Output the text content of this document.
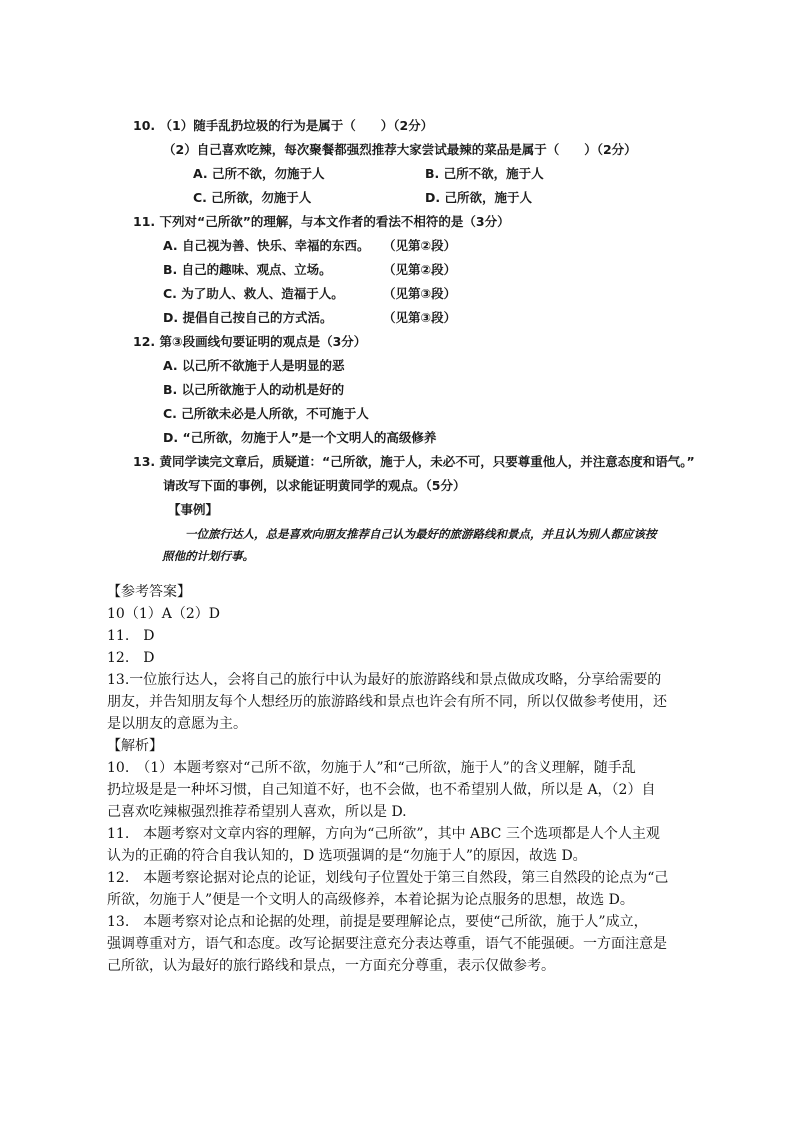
10. （1）随手乱扔垃圾的行为是属于（　　）（2分）
（2）自己喜欢吃辣，每次聚餐都强烈推荐大家尝试最辣的菜品是属于（　　）（2分）
A. 己所不欲，勿施于人	B. 己所不欲，施于人
C. 己所欲，勿施于人	D. 己所欲，施于人
11. 下列对“己所欲”的理解，与本文作者的看法不相符的是（3分）
A. 自己视为善、快乐、幸福的东西。 （见第②段）
B. 自己的趣味、观点、立场。	（见第②段）
C. 为了助人、救人、造福于人。	（见第③段）
D. 提倡自己按自己的方式活。	（见第③段）
12. 第③段画线句要证明的观点是（3分）
A. 以己所不欲施于人是明显的恶
B. 以己所欲施于人的动机是好的
C. 己所欲未必是人所欲，不可施于人
D. “己所欲，勿施于人”是一个文明人的高级修养
13. 黄同学读完文章后，质疑道：“己所欲，施于人，未必不可，只要尊重他人，并注意态度和语气。”
请改写下面的事例，以求能证明黄同学的观点。（5分）
【事例】
一位旅行达人，总是喜欢向朋友推荐自己认为最好的旅游路线和景点，并且认为别人都应该按
照他的计划行事。
【参考答案】
10（1）A（2）D
11.　D
12.　D
13.一位旅行达人，会将自己的旅行中认为最好的旅游路线和景点做成攻略，分享给需要的
朋友，并告知朋友每个人想经历的旅游路线和景点也许会有所不同，所以仅做参考使用，还
是以朋友的意愿为主。
【解析】
10.　（1）本题考察对“己所不欲，勿施于人”和“己所欲，施于人”的含义理解，随手乱
扔垃圾是是一种坏习惯，自己知道不好，也不会做，也不希望别人做，所以是 A，（2）自
己喜欢吃辣椒强烈推荐希望别人喜欢，所以是 D.
11.　本题考察对文章内容的理解，方向为“己所欲”，其中 ABC 三个选项都是人个人主观
认为的正确的符合自我认知的，D 选项强调的是“勿施于人”的原因，故选 D。
12.　本题考察论据对论点的论证，划线句子位置处于第三自然段，第三自然段的论点为“己
所欲，勿施于人”便是一个文明人的高级修养，本着论据为论点服务的思想，故选 D。
13.　本题考察对论点和论据的处理，前提是要理解论点，要使“己所欲，施于人”成立，
强调尊重对方，语气和态度。改写论据要注意充分表达尊重，语气不能强硬。一方面注意是
己所欲，认为最好的旅行路线和景点，一方面充分尊重，表示仅做参考。
